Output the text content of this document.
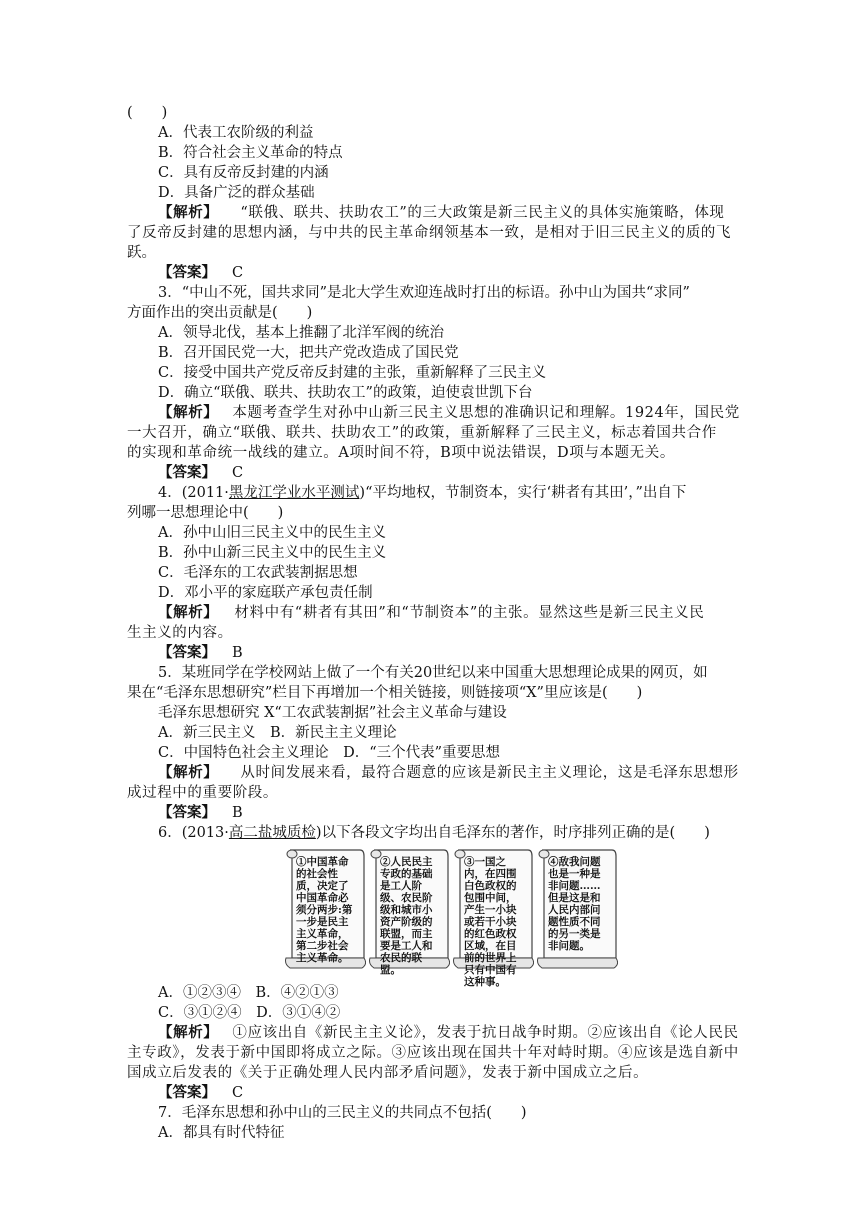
(　　)
A．代表工农阶级的利益
B．符合社会主义革命的特点
C．具有反帝反封建的内涵
D．具备广泛的群众基础
【解析】 “联俄、联共、扶助农工”的三大政策是新三民主义的具体实施策略，体现
了反帝反封建的思想内涵，与中共的民主革命纲领基本一致，是相对于旧三民主义的质的飞
跃。
【答案】 C
3．“中山不死，国共求同”是北大学生欢迎连战时打出的标语。孙中山为国共“求同”
方面作出的突出贡献是(　　)
A．领导北伐，基本上推翻了北洋军阀的统治
B．召开国民党一大，把共产党改造成了国民党
C．接受中国共产党反帝反封建的主张，重新解释了三民主义
D．确立“联俄、联共、扶助农工”的政策，迫使袁世凯下台
【解析】 本题考查学生对孙中山新三民主义思想的准确识记和理解。1924年，国民党
一大召开，确立“联俄、联共、扶助农工”的政策，重新解释了三民主义，标志着国共合作
的实现和革命统一战线的建立。A项时间不符，B项中说法错误，D项与本题无关。
【答案】 C
4．(2011·黑龙江学业水平测试)“平均地权，节制资本，实行‘耕者有其田’，”出自下
列哪一思想理论中(　　)
A．孙中山旧三民主义中的民生主义
B．孙中山新三民主义中的民生主义
C．毛泽东的工农武装割据思想
D．邓小平的家庭联产承包责任制
【解析】 材料中有“耕者有其田”和“节制资本”的主张。显然这些是新三民主义民
生主义的内容。
【答案】 B
5．某班同学在学校网站上做了一个有关20世纪以来中国重大思想理论成果的网页，如
果在“毛泽东思想研究”栏目下再增加一个相关链接，则链接项“X”里应该是(　　)
毛泽东思想研究 X“工农武装割据”社会主义革命与建设
A．新三民主义　B．新民主主义理论
C．中国特色社会主义理论　D．“三个代表”重要思想
【解析】 从时间发展来看，最符合题意的应该是新民主主义理论，这是毛泽东思想形
成过程中的重要阶段。
【答案】 B
6．(2013·高二盐城质检)以下各段文字均出自毛泽东的著作，时序排列正确的是(　　)
①中国革命的社会性质，决定了中国革命必须分两步:第一步是民主主义革命，第二步社会主义革命。
②人民民主专政的基础是工人阶级、农民阶级和城市小资产阶级的联盟，而主要是工人和农民的联盟。
③一国之内，在四围白色政权的包围中间，产生一小块或若干小块的红色政权区域，在目前的世界上只有中国有这种事。
④敌我问题也是一种是非问题……但是这是和人民内部问题性质不同的另一类是非问题。
A．①②③④　B．④②①③
C．③①②④　D．③①④②
【解析】 ①应该出自《新民主主义论》，发表于抗日战争时期。②应该出自《论人民民
主专政》，发表于新中国即将成立之际。③应该出现在国共十年对峙时期。④应该是选自新中
国成立后发表的《关于正确处理人民内部矛盾问题》，发表于新中国成立之后。
【答案】 C
7．毛泽东思想和孙中山的三民主义的共同点不包括(　　)
A．都具有时代特征
